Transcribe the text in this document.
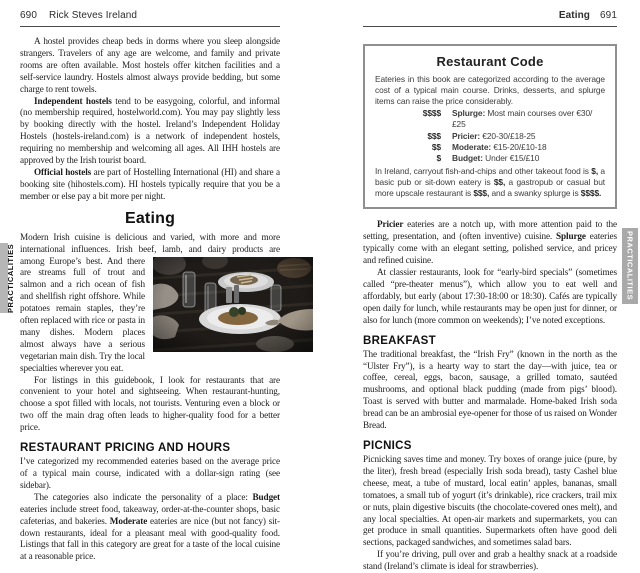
690 Rick Steves Ireland
PRACTICALITIES

A hostel provides cheap beds in dorms where you sleep alongside strangers. Travelers of any age are welcome, and family and private rooms are often available. Most hostels offer kitchen facilities and a self-service laundry. Hostels almost always provide bedding, but some charge to rent towels.

Independent hostels tend to be easygoing, colorful, and informal (no membership required, hostelworld.com). You may pay slightly less by booking directly with the hostel. Ireland’s Independent Holiday Hostels (hostels-ireland.com) is a network of independent hostels, requiring no membership and welcoming all ages. All IHH hostels are approved by the Irish tourist board.

Official hostels are part of Hostelling International (HI) and share a booking site (hihostels.com). HI hostels typically require that you be a member or else pay a bit more per night.

Eating

Modern Irish cuisine is delicious and varied, with more and more international influences. Irish beef, lamb, and dairy products are

among Europe’s best. And there are streams full of trout and salmon and a rich ocean of fish and shellfish right offshore. While potatoes remain staples, they’re often replaced with rice or pasta in many dishes. Modern places almost always have a serious vegetarian main dish. Try the local specialties wherever you eat.

For listings in this guidebook, I look for restaurants that are convenient to your hotel and sightseeing. When restaurant-hunting, choose a spot filled with locals, not tourists. Venturing even a block or two off the main drag often leads to higher-quality food for a better price.

RESTAURANT PRICING AND HOURS

I’ve categorized my recommended eateries based on the average price of a typical main course, indicated with a dollar-sign rating (see sidebar).

The categories also indicate the personality of a place: Budget eateries include street food, takeaway, order-at-the-counter shops, basic cafeterias, and bakeries. Moderate eateries are nice (but not fancy) sit-down restaurants, ideal for a pleasant meal with good-quality food. Listings that fall in this category are great for a taste of the local cuisine at a reasonable price.

Eating 691
Restaurant Code

Eateries in this book are categorized according to the average cost of a typical main course. Drinks, desserts, and splurge items can raise the price considerably.

$$$$	Splurge: Most main courses over €30/£25
$$$	Pricier: €20-30/£18-25
$$	Moderate: €15-20/£10-18
$	Budget: Under €15/£10

In Ireland, carryout fish-and-chips and other takeout food is $, a basic pub or sit-down eatery is $$, a gastropub or casual but more upscale restaurant is $$$, and a swanky splurge is $$$$.

Pricier eateries are a notch up, with more attention paid to the setting, presentation, and (often inventive) cuisine. Splurge eateries typically come with an elegant setting, polished service, and pricey and refined cuisine.

At classier restaurants, look for “early-bird specials” (sometimes called “pre-theater menus”), which allow you to eat well and affordably, but early (about 17:30-18:00 or 18:30). Cafés are typically open daily for lunch, while restaurants may be open just for dinner, or also for lunch (more common on weekends); I’ve noted exceptions.

BREAKFAST

The traditional breakfast, the “Irish Fry” (known in the north as the “Ulster Fry”), is a hearty way to start the day—with juice, tea or coffee, cereal, eggs, bacon, sausage, a grilled tomato, sautéed mushrooms, and optional black pudding (made from pigs’ blood). Toast is served with butter and marmalade. Home-baked Irish soda bread can be an ambrosial eye-opener for those of us raised on Wonder Bread.

PICNICS

Picnicking saves time and money. Try boxes of orange juice (pure, by the liter), fresh bread (especially Irish soda bread), tasty Cashel blue cheese, meat, a tube of mustard, local eatin’ apples, bananas, small tomatoes, a small tub of yogurt (it’s drinkable), rice crackers, trail mix or nuts, plain digestive biscuits (the chocolate-covered ones melt), and any local specialties. At open-air markets and supermarkets, you can get produce in small quantities. Supermarkets often have good deli sections, packaged sandwiches, and sometimes salad bars.

If you’re driving, pull over and grab a healthy snack at a roadside stand (Ireland’s climate is ideal for strawberries).

PRACTICALITIES
